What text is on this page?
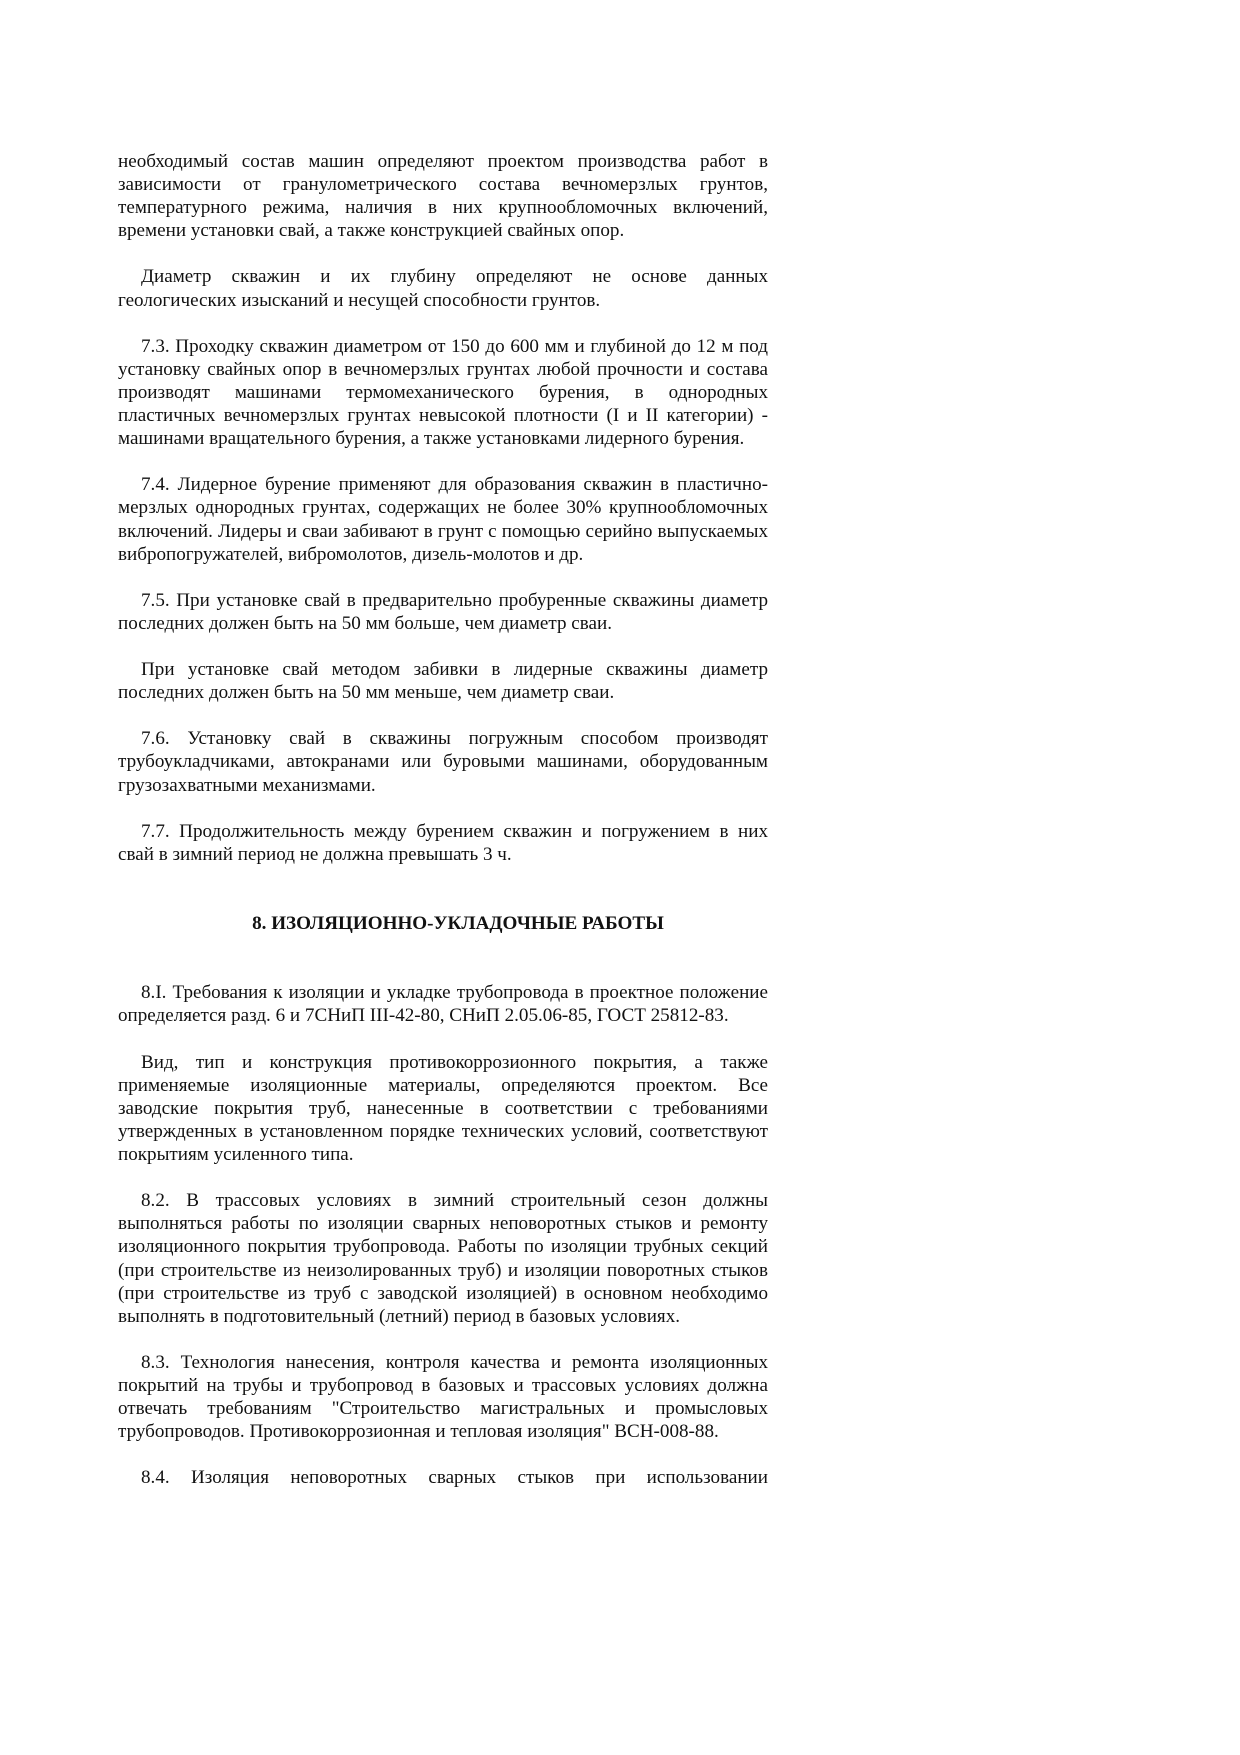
необходимый состав машин определяют проектом производства работ в зависимости от гранулометрического состава вечномерзлых грунтов, температурного режима, наличия в них крупнообломочных включений, времени установки свай, а также конструкцией свайных опор.

Диаметр скважин и их глубину определяют не основе данных геологических изысканий и несущей способности грунтов.

7.3. Проходку скважин диаметром от 150 до 600 мм и глубиной до 12 м под установку свайных опор в вечномерзлых грунтах любой прочности и состава производят машинами термомеханического бурения, в однородных пластичных вечномерзлых грунтах невысокой плотности (I и II категории) - машинами вращательного бурения, а также установками лидерного бурения.

7.4. Лидерное бурение применяют для образования скважин в пластично-мерзлых однородных грунтах, содержащих не более 30% крупнообломочных включений. Лидеры и сваи забивают в грунт с помощью серийно выпускаемых вибропогружателей, вибромолотов, дизель-молотов и др.

7.5. При установке свай в предварительно пробуренные скважины диаметр последних должен быть на 50 мм больше, чем диаметр сваи.

При установке свай методом забивки в лидерные скважины диаметр последних должен быть на 50 мм меньше, чем диаметр сваи.

7.6. Установку свай в скважины погружным способом производят трубоукладчиками, автокранами или буровыми машинами, оборудованным грузозахватными механизмами.

7.7. Продолжительность между бурением скважин и погружением в них свай в зимний период не должна превышать 3 ч.

8. ИЗОЛЯЦИОННО-УКЛАДОЧНЫЕ РАБОТЫ

8.I. Требования к изоляции и укладке трубопровода в проектное положение определяется разд. 6 и 7СНиП III-42-80, СНиП 2.05.06-85, ГОСТ 25812-83.

Вид, тип и конструкция противокоррозионного покрытия, а также применяемые изоляционные материалы, определяются проектом. Все заводские покрытия труб, нанесенные в соответствии с требованиями утвержденных в установленном порядке технических условий, соответствуют покрытиям усиленного типа.

8.2. В трассовых условиях в зимний строительный сезон должны выполняться работы по изоляции сварных неповоротных стыков и ремонту изоляционного покрытия трубопровода. Работы по изоляции трубных секций (при строительстве из неизолированных труб) и изоляции поворотных стыков (при строительстве из труб с заводской изоляцией) в основном необходимо выполнять в подготовительный (летний) период в базовых условиях.

8.3. Технология нанесения, контроля качества и ремонта изоляционных покрытий на трубы и трубопровод в базовых и трассовых условиях должна отвечать требованиям "Строительство магистральных и промысловых трубопроводов. Противокоррозионная и тепловая изоляция" ВСН-008-88.

8.4. Изоляция неповоротных сварных стыков при использовании
